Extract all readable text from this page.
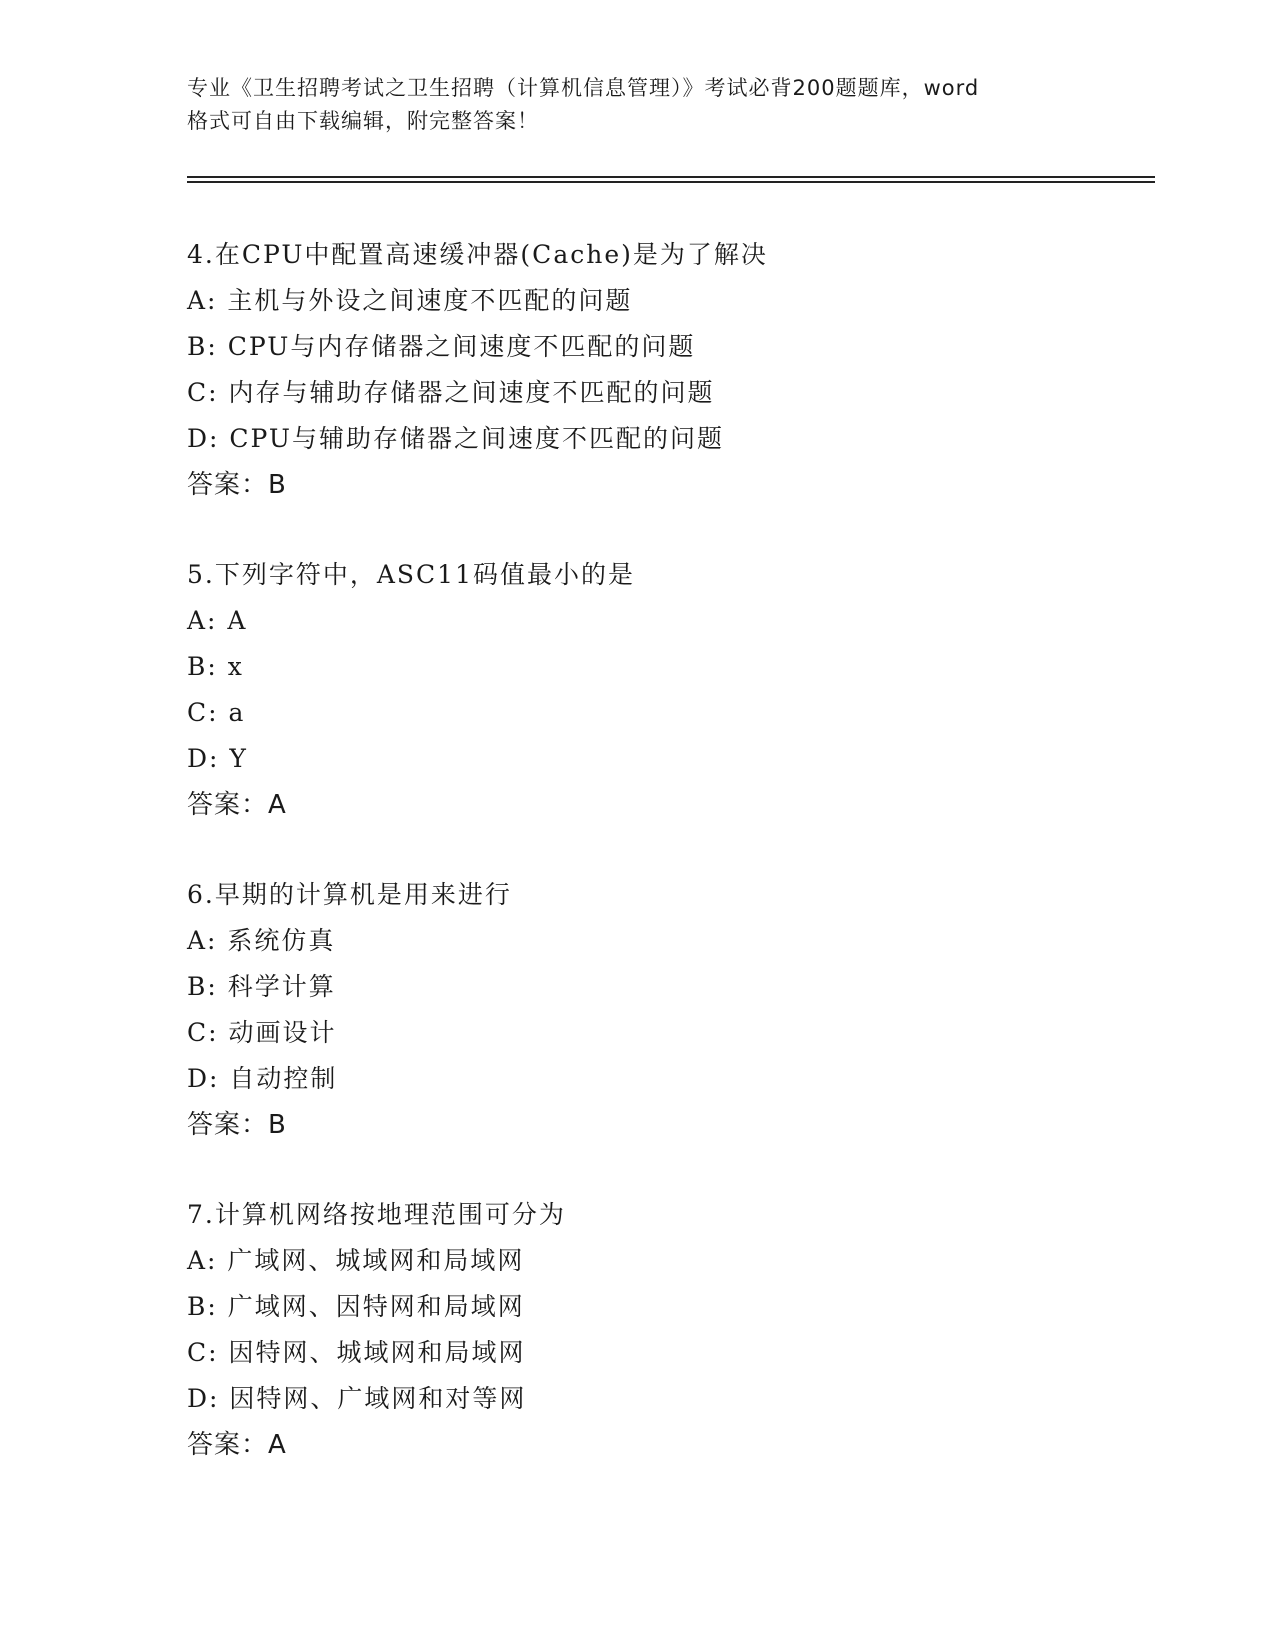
专业《卫生招聘考试之卫生招聘（计算机信息管理）》考试必背200题题库，word
格式可自由下载编辑，附完整答案！
4.在CPU中配置高速缓冲器(Cache)是为了解决
A: 主机与外设之间速度不匹配的问题
B: CPU与内存储器之间速度不匹配的问题
C: 内存与辅助存储器之间速度不匹配的问题
D: CPU与辅助存储器之间速度不匹配的问题
答案：B
5.下列字符中，ASC11码值最小的是
A: A
B: x
C: a
D: Y
答案：A
6.早期的计算机是用来进行
A: 系统仿真
B: 科学计算
C: 动画设计
D: 自动控制
答案：B
7.计算机网络按地理范围可分为
A: 广域网、城域网和局域网
B: 广域网、因特网和局域网
C: 因特网、城域网和局域网
D: 因特网、广域网和对等网
答案：A
